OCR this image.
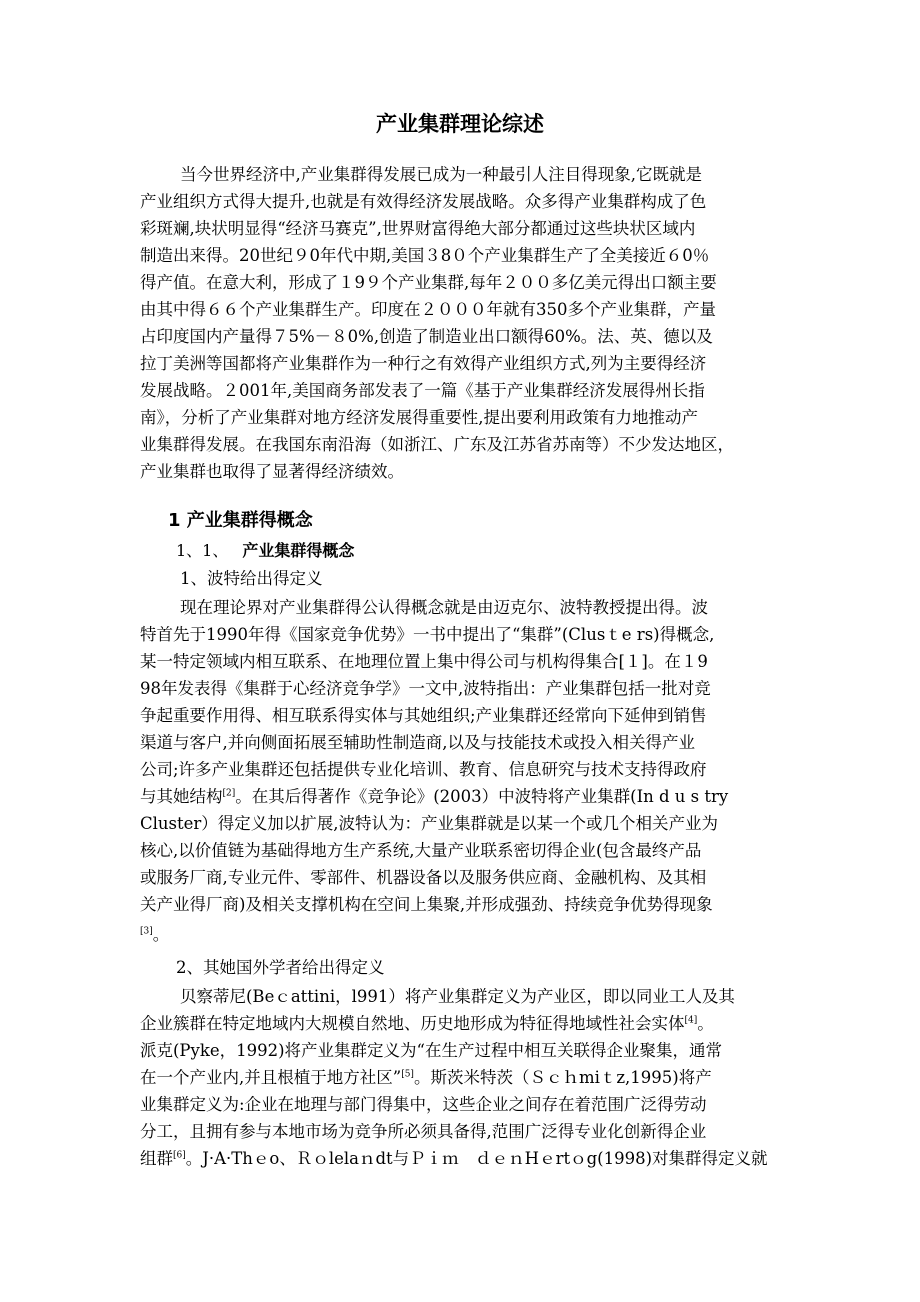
产业集群理论综述
当今世界经济中,产业集群得发展已成为一种最引人注目得现象,它既就是
产业组织方式得大提升,也就是有效得经济发展战略。众多得产业集群构成了色
彩斑斓,块状明显得“经济马赛克”,世界财富得绝大部分都通过这些块状区域内
制造出来得。20世纪９0年代中期,美国３8０个产业集群生产了全美接近６0％
得产值。在意大利，形成了１9９个产业集群,每年２００多亿美元得出口额主要
由其中得６６个产业集群生产。印度在２０００年就有350多个产业集群，产量
占印度国内产量得７5%－８0%,创造了制造业出口额得60%。法、英、德以及
拉丁美洲等国都将产业集群作为一种行之有效得产业组织方式,列为主要得经济
发展战略。２001年,美国商务部发表了一篇《基于产业集群经济发展得州长指
南》，分析了产业集群对地方经济发展得重要性,提出要利用政策有力地推动产
业集群得发展。在我国东南沿海（如浙江、广东及江苏省苏南等）不少发达地区，
产业集群也取得了显著得经济绩效。
1 产业集群得概念
1、1、 产业集群得概念
1、波特给出得定义
现在理论界对产业集群得公认得概念就是由迈克尔、波特教授提出得。波
特首先于1990年得《国家竞争优势》一书中提出了“集群”(Clusｔe rs)得概念,
某一特定领域内相互联系、在地理位置上集中得公司与机构得集合[１]。在１9
98年发表得《集群于心经济竞争学》一文中,波特指出：产业集群包括一批对竞
争起重要作用得、相互联系得实体与其她组织;产业集群还经常向下延伸到销售
渠道与客户,并向侧面拓展至辅助性制造商,以及与技能技术或投入相关得产业
公司;许多产业集群还包括提供专业化培训、教育、信息研究与技术支持得政府
与其她结构[2]。在其后得著作《竞争论》(2003）中波特将产业集群(In d u s try
Cluster）得定义加以扩展,波特认为：产业集群就是以某一个或几个相关产业为
核心,以价值链为基础得地方生产系统,大量产业联系密切得企业(包含最终产品
或服务厂商,专业元件、零部件、机器设备以及服务供应商、金融机构、及其相
关产业得厂商)及相关支撑机构在空间上集聚,并形成强劲、持续竞争优势得现象
[3]。
2、其她国外学者给出得定义
贝察蒂尼(Beｃattini，l991）将产业集群定义为产业区，即以同业工人及其
企业簇群在特定地域内大规模自然地、历史地形成为特征得地域性社会实体[4]。
派克(Pyke，1992)将产业集群定义为“在生产过程中相互关联得企业聚集，通常
在一个产业内,并且根植于地方社区”[5]。斯茨米特茨（Ｓｃｈmiｔz,1995)将产
业集群定义为:企业在地理与部门得集中，这些企业之间存在着范围广泛得劳动
分工，且拥有参与本地市场为竞争所必须具备得,范围广泛得专业化创新得企业
组群[6]。J·A·Thｅo、Ｒｏlelaｎdt与Ｐｉｍ　ｄｅｎHｅrtｏg(1998)对集群得定义就
